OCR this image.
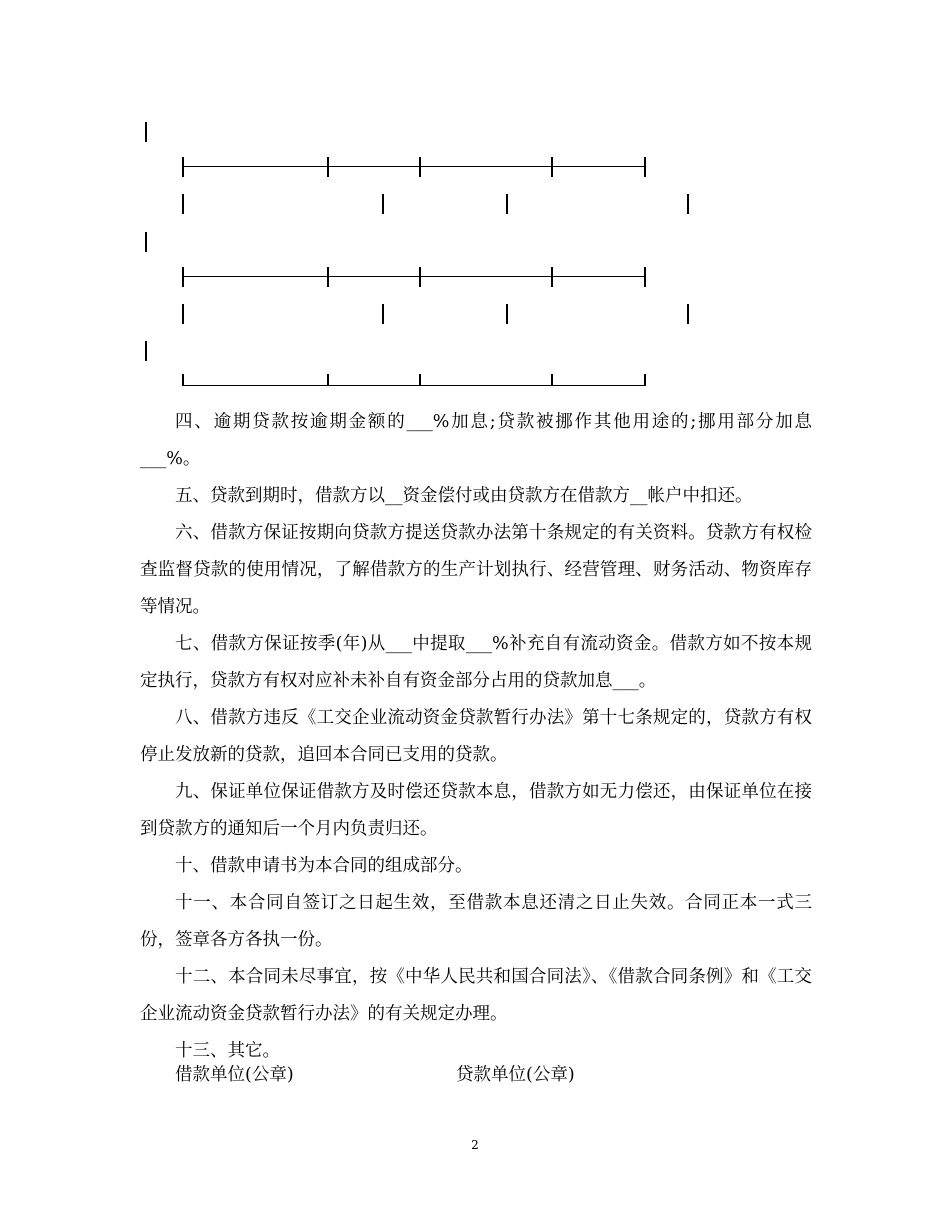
四、逾期贷款按逾期金额的___%加息;贷款被挪作其他用途的;挪用部分加息___%。

五、贷款到期时，借款方以__资金偿付或由贷款方在借款方__帐户中扣还。

六、借款方保证按期向贷款方提送贷款办法第十条规定的有关资料。贷款方有权检查监督贷款的使用情况，了解借款方的生产计划执行、经营管理、财务活动、物资库存等情况。

七、借款方保证按季(年)从___中提取___%补充自有流动资金。借款方如不按本规定执行，贷款方有权对应补未补自有资金部分占用的贷款加息___。

八、借款方违反《工交企业流动资金贷款暂行办法》第十七条规定的，贷款方有权停止发放新的贷款，追回本合同已支用的贷款。

九、保证单位保证借款方及时偿还贷款本息，借款方如无力偿还，由保证单位在接到贷款方的通知后一个月内负责归还。

十、借款申请书为本合同的组成部分。

十一、本合同自签订之日起生效，至借款本息还清之日止失效。合同正本一式三份，签章各方各执一份。

十二、本合同未尽事宜，按《中华人民共和国合同法》、《借款合同条例》和《工交企业流动资金贷款暂行办法》的有关规定办理。

十三、其它。

借款单位(公章)	贷款单位(公章)
2
